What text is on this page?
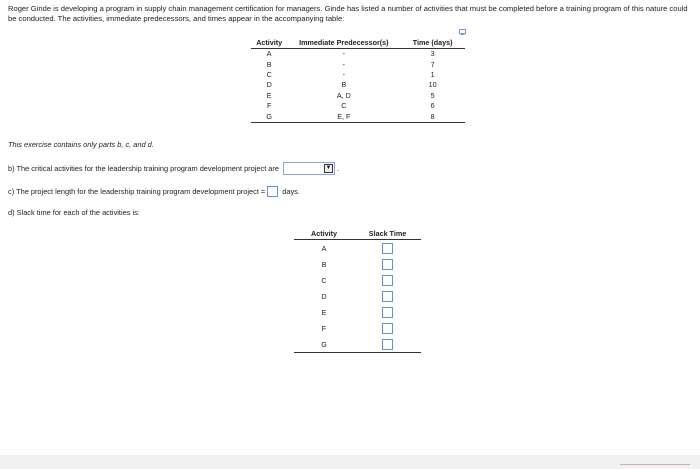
Roger Ginde is developing a program in supply chain management certification for managers. Ginde has listed a number of activities that must be completed before a training program of this nature could be conducted. The activities, immediate predecessors, and times appear in the accompanying table:
Activity	Immediate Predecessor(s)	Time (days)
A	-	3
B	-	7
C	-	1
D	B	10
E	A, D	5
F	C	6
G	E, F	8
This exercise contains only parts b, c, and d.
b) The critical activities for the leadership training program development project are	▼ .
c) The project length for the leadership training program development project = days.
d) Slack time for each of the activities is:
Activity	Slack Time
A	
B	
C	
D	
E	
F	
G	
